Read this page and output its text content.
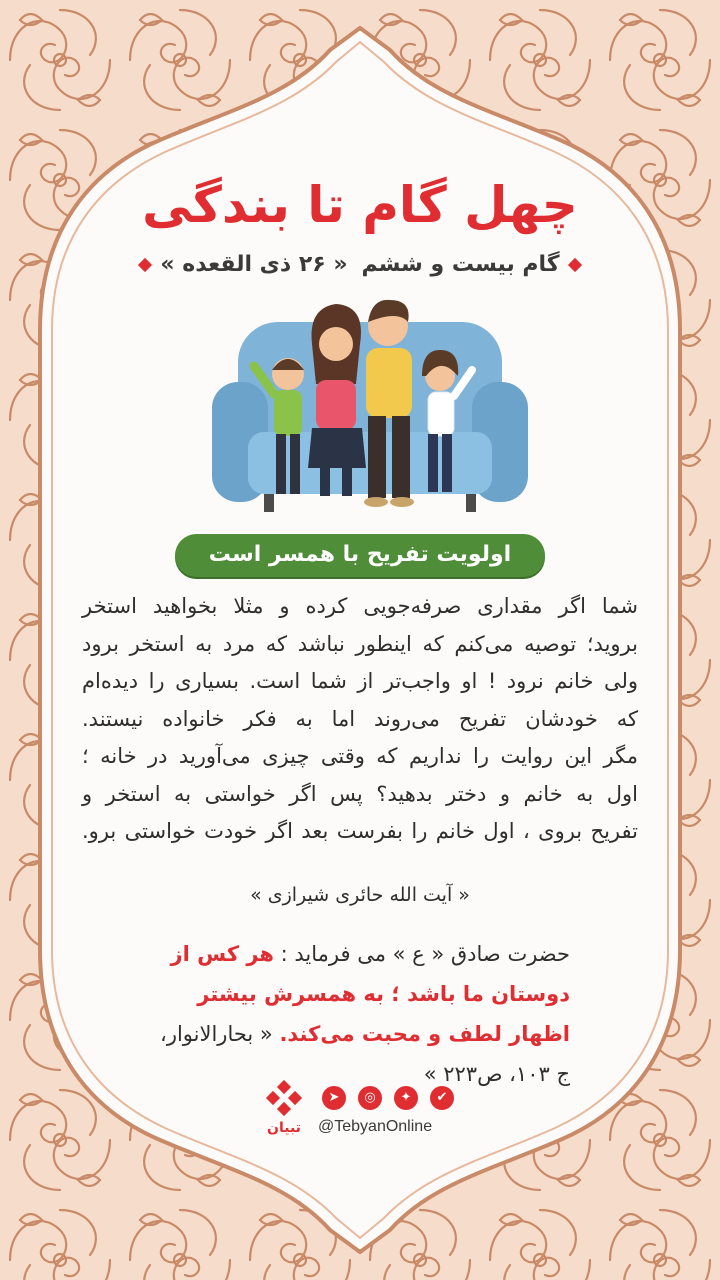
چهل گام تا بندگی
گام بیست و ششم« ۲۶ ذی القعده »
اولویت تفریح با همسر است
شما اگر مقداری صرفه‌جویی کرده و مثلا بخواهید استخر
بروید؛ توصیه می‌کنم که اینطور نباشد که مرد به استخر برود
ولی خانم نرود ! او واجب‌تر از شما است. بسیاری را دیده‌ام
که خودشان تفریح می‌روند اما به فکر خانواده نیستند.
مگر این روایت را نداریم که وقتی چیزی می‌آورید در خانه ؛
اول به خانم و دختر بدهید؟ پس اگر خواستی به استخر و
تفریح بروی ، اول خانم را بفرست بعد اگر خودت خواستی برو.
« آیت الله حائری شیرازی »
حضرت صادق « ع » می فرماید : هر کس از دوستان ما باشد ؛ به همسرش بیشتر اظهار لطف و محبت می‌کند. « بحارالانوار، ج ۱۰۳، ص۲۲۳ »
تبیان
➤	◎	✦	✔
@TebyanOnline
